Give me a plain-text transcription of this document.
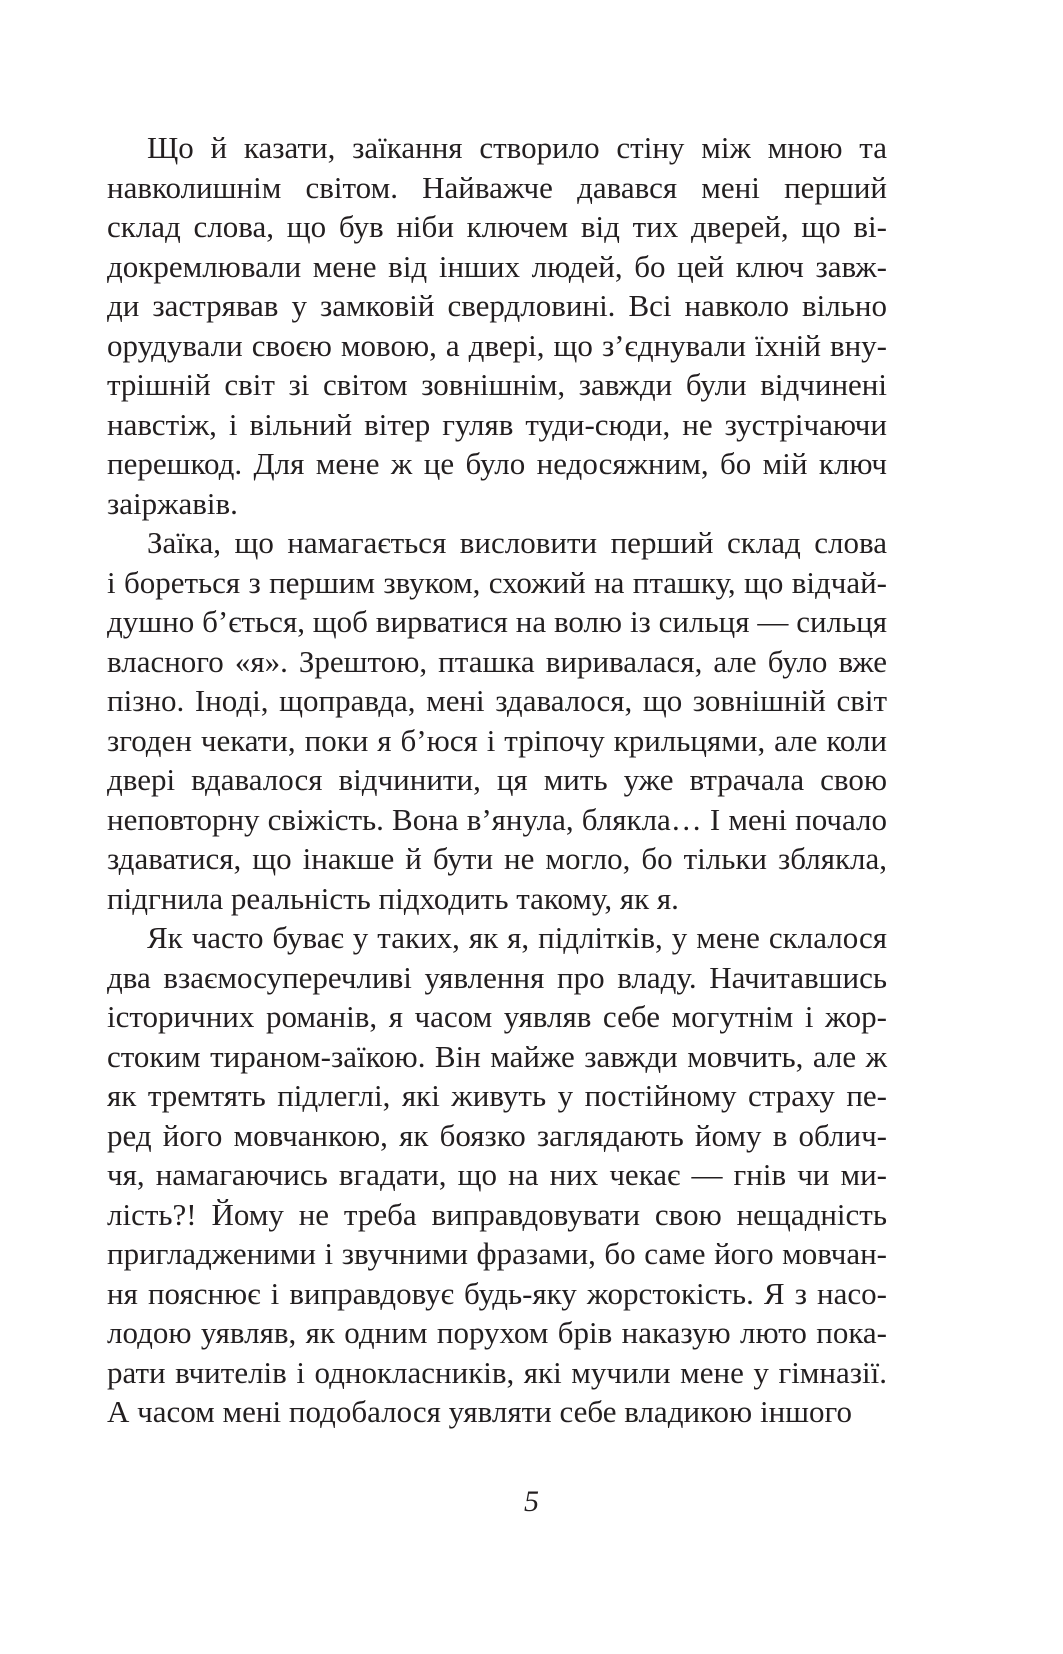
Що й казати, заїкання створило стіну між мною та
навколишнім світом. Найважче давався мені перший
склад слова, що був ніби ключем від тих дверей, що ві-
докремлювали мене від інших людей, бо цей ключ завж-
ди застрявав у замковій свердловині. Всі навколо вільно
орудували своєю мовою, а двері, що з’єднували їхній вну-
трішній світ зі світом зовнішнім, завжди були відчинені
навстіж, і вільний вітер гуляв туди-сюди, не зустрічаючи
перешкод. Для мене ж це було недосяжним, бо мій ключ
заіржавів.
Заїка, що намагається висловити перший склад слова
і бореться з першим звуком, схожий на пташку, що відчай-
душно б’ється, щоб вирватися на волю із сильця — сильця
власного «я». Зрештою, пташка виривалася, але було вже
пізно. Іноді, щоправда, мені здавалося, що зовнішній світ
згоден чекати, поки я б’юся і тріпочу крильцями, але коли
двері вдавалося відчинити, ця мить уже втрачала свою
неповторну свіжість. Вона в’янула, блякла… І мені почало
здаватися, що інакше й бути не могло, бо тільки зблякла,
підгнила реальність підходить такому, як я.
Як часто буває у таких, як я, підлітків, у мене склалося
два взаємосуперечливі уявлення про владу. Начитавшись
історичних романів, я часом уявляв себе могутнім і жор-
стоким тираном-заїкою. Він майже завжди мовчить, але ж
як тремтять підлеглі, які живуть у постійному страху пе-
ред його мовчанкою, як боязко заглядають йому в облич-
чя, намагаючись вгадати, що на них чекає — гнів чи ми-
лість?! Йому не треба виправдовувати свою нещадність
пригладженими і звучними фразами, бо саме його мовчан-
ня пояснює і виправдовує будь-яку жорстокість. Я з насо-
лодою уявляв, як одним порухом брів наказую люто пока-
рати вчителів і однокласників, які мучили мене у гімназії.
А часом мені подобалося уявляти себе владикою іншого
5
